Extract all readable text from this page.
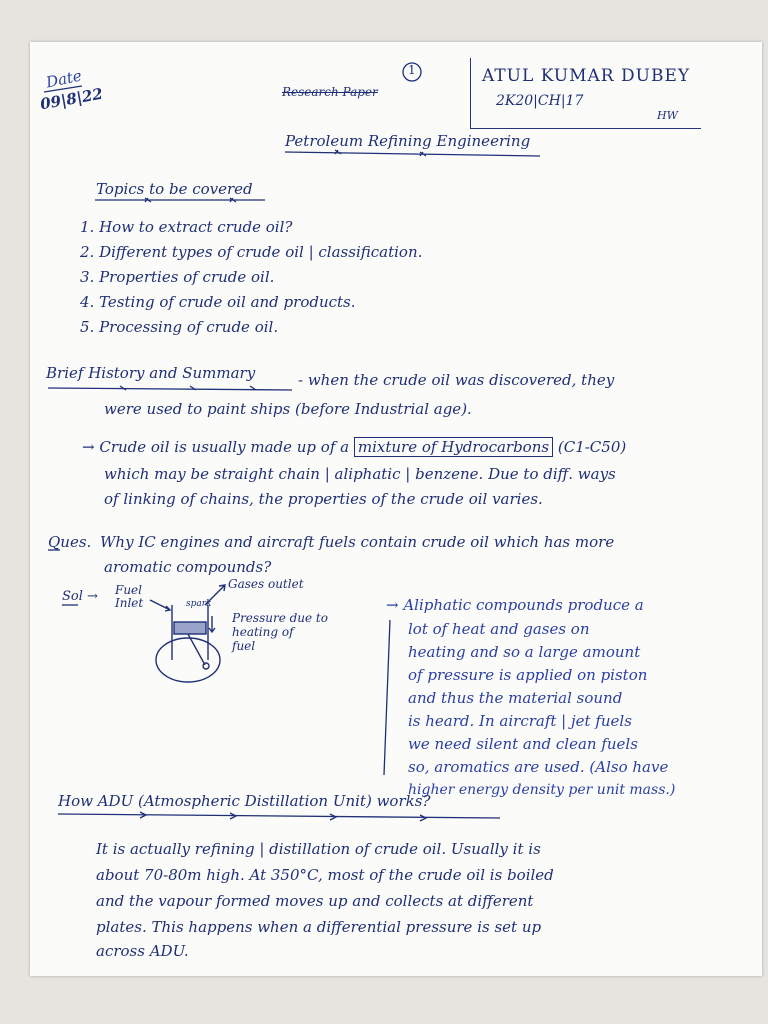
Date
09|8|22
1
Research Paper
ATUL KUMAR DUBEY
2K20|CH|17
HW
Petroleum Refining Engineering
Topics to be covered
1. How to extract crude oil?
2. Different types of crude oil | classification.
3. Properties of crude oil.
4. Testing of crude oil and products.
5. Processing of crude oil.
Brief History and Summary	- when the crude oil was discovered, they
were used to paint ships (before Industrial age).
→ Crude oil is usually made up of a mixture of Hydrocarbons (C1-C50)
which may be straight chain | aliphatic | benzene. Due to diff. ways
of linking of chains, the properties of the crude oil varies.
Ques. Why IC engines and aircraft fuels contain crude oil which has more
aromatic compounds?
Sol → Fuel
Inlet
Gases outlet
spark
Pressure due to
heating of
fuel
→ Aliphatic compounds produce a
lot of heat and gases on
heating and so a large amount
of pressure is applied on piston
and thus the material sound
is heard. In aircraft | jet fuels
we need silent and clean fuels
so, aromatics are used. (Also have
higher energy density per unit mass.)
How ADU (Atmospheric Distillation Unit) works?
It is actually refining | distillation of crude oil. Usually it is
about 70-80m high. At 350°C, most of the crude oil is boiled
and the vapour formed moves up and collects at different
plates. This happens when a differential pressure is set up
across ADU.
